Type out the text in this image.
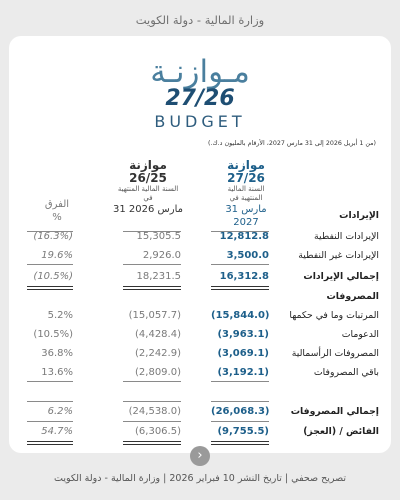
وزارة المالية - دولة الكويت
مـوازنـة
27/26
BUDGET
(من 1 أبريل 2026 إلى 31 مارس 2027، الأرقام بالمليون د.ك.)
موازنة
27/26
السنة المالية المنتهية في
31 مارس 2027
موازنة
26/25
السنة المالية المنتهية في
31 مارس 2026
الفرق
%	الإيرادات
الإيرادات النفطية
12,812.8
15,305.5
(16.3%)
الإيرادات غير النفطية
3,500.0
2,926.0
19.6%
إجمالي الإيرادات
16,312.8
18,231.5
(10.5%)
المصروفات
المرتبات وما في حكمها
(15,844.0)
(15,057.7)
5.2%
الدعومات
(3,963.1)
(4,428.4)
(10.5%)
المصروفات الرأسمالية
(3,069.1)
(2,242.9)
36.8%
باقي المصروفات
(3,192.1)
(2,809.0)
13.6%
إجمالي المصروفات
(26,068.3)
(24,538.0)
6.2%
الفائض / (العجز)
(9,755.5)
(6,306.5)
54.7%
›
تصريح صحفي | تاريخ النشر 10 فبراير 2026 | وزارة المالية - دولة الكويت
